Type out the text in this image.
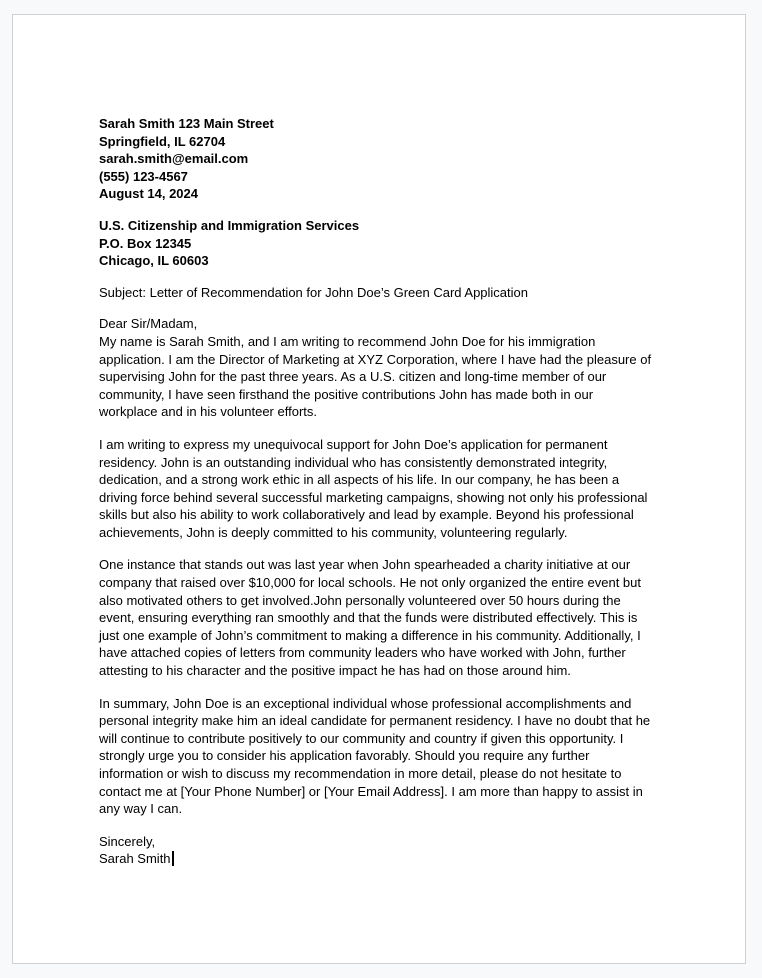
Sarah Smith 123 Main Street
Springfield, IL 62704
sarah.smith@email.com
(555) 123-4567
August 14, 2024
U.S. Citizenship and Immigration Services
P.O. Box 12345
Chicago, IL 60603
Subject: Letter of Recommendation for John Doe’s Green Card Application
Dear Sir/Madam,
My name is Sarah Smith, and I am writing to recommend John Doe for his immigration
application. I am the Director of Marketing at XYZ Corporation, where I have had the pleasure of
supervising John for the past three years. As a U.S. citizen and long-time member of our
community, I have seen firsthand the positive contributions John has made both in our
workplace and in his volunteer efforts.
I am writing to express my unequivocal support for John Doe’s application for permanent
residency. John is an outstanding individual who has consistently demonstrated integrity,
dedication, and a strong work ethic in all aspects of his life. In our company, he has been a
driving force behind several successful marketing campaigns, showing not only his professional
skills but also his ability to work collaboratively and lead by example. Beyond his professional
achievements, John is deeply committed to his community, volunteering regularly.
One instance that stands out was last year when John spearheaded a charity initiative at our
company that raised over $10,000 for local schools. He not only organized the entire event but
also motivated others to get involved.John personally volunteered over 50 hours during the
event, ensuring everything ran smoothly and that the funds were distributed effectively. This is
just one example of John’s commitment to making a difference in his community. Additionally, I
have attached copies of letters from community leaders who have worked with John, further
attesting to his character and the positive impact he has had on those around him.
In summary, John Doe is an exceptional individual whose professional accomplishments and
personal integrity make him an ideal candidate for permanent residency. I have no doubt that he
will continue to contribute positively to our community and country if given this opportunity. I
strongly urge you to consider his application favorably. Should you require any further
information or wish to discuss my recommendation in more detail, please do not hesitate to
contact me at [Your Phone Number] or [Your Email Address]. I am more than happy to assist in
any way I can.
Sincerely,
Sarah Smith
